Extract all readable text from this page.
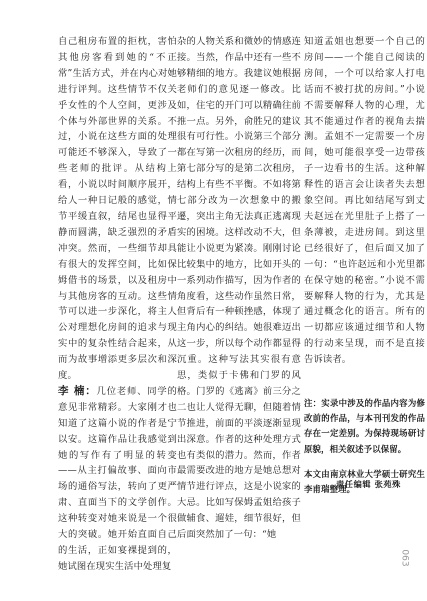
自己租房布置的拒枕，害怕其他房客看到她的“不正常”生活方式，并在内心对她进行评判。这些情节不仅关乎女性的个人空间，更涉及个体与外部世界的关系。不过，小说在这些方面的处理可能还不够深入，导致了一些老师的批评。从结构上看，小说以时间顺序展开，给人一种日记般的感觉，情节平缓直叙，结尾也显得平静而圆满，缺乏强烈的矛盾冲突。然而，一些细节却具有很大的发挥空间，比如保姆借书的场景，以及租房中与其他房客的互动。这些情节可以进一步深化，将主人公对理想化房间的追求与现实中的复杂性结合起来，从而为故事增添更多层次和深度。

李 楠：几位老师、同学的意见非常精彩。大家刚才也知道了这篇小说的作者是宁以安。这篇作品让我感觉到她的写作有了明显的转变——从主打偏故事、面向市场的通俗写法，转向了更严肃、直面当下的文学创作。这种转变对她来说是一个很大的突破。她开始直面自己的生活，正如宴裸提到的，她试图在现实生活中处理复

杂的人物关系和微妙的情感连接。当然，作品中还有一些不够精细的地方。我建议她根据老师们的意见逐一修改。比如，住宅的开门可以精确往前推一点。另外，俞胜兄的建议很有可行性。小说第三个部分都在写第一次租房的经历，而第七部分写的是第二次租房，结构上有些不平衡。不如将第七部分改为一次想象中的搬遷，突出主角无法真正逃离现实的困境。这样改动不大，但能让小说更为紧凑。刚刚讨论比较集中的地方，比如开头的一系列动作描写，因为作者的角度看，这些动作虽然日常，但背后有一种顿挫感，体现了主角内心的纠结。她很难迈出这一步，所以每个动作都显得沉重。这种写法其实很有意思，类似于卡佛和门罗的风格。门罗的《逃离》前三分之二也让人觉得无聊，但随着情节推进，前面的平淡逐渐显现出深意。作者的这种处理方式也有类似的潜力。然而，作者最需要改进的地方是她总想对情节进行评点，这是小说家的大忌。比如写保姆孟姐给孩子做辅食、遛娃，细节很好，但后面突然加了一句：“她

知道孟姐也想要一个自己的房间——一个能自己阅读的房间，一个可以给家人打电话而不被打扰的房间。”小说不需要解释人物的心理，尤其不能通过作者的视角去揣测。孟姐不一定需要一个房间，她可能很享受一边带孩子一边看书的生活。这种解释性的语言会让读者失去想象空间。再比如结尾写到丈夫赵远在光里肚子上搭了一条薄被，走进房间。到这里已经很好了，但后面又加了一句：“也许赵远和小光里都在保守她的秘密。”小说不需要解释人物的行为，尤其是通过概念化的语言。所有的一切都应该通过细节和人物的行动来呈现，而不是直接告诉读者。

注：实录中涉及的作品内容为修改前的作品，与本刊刊发的作品存在一定差别。为保持现场研讨原貌，相关叙述予以保留。

本文由南京林业大学硕士研究生李甫瑞整理。

责任编辑 张苑殊
063
